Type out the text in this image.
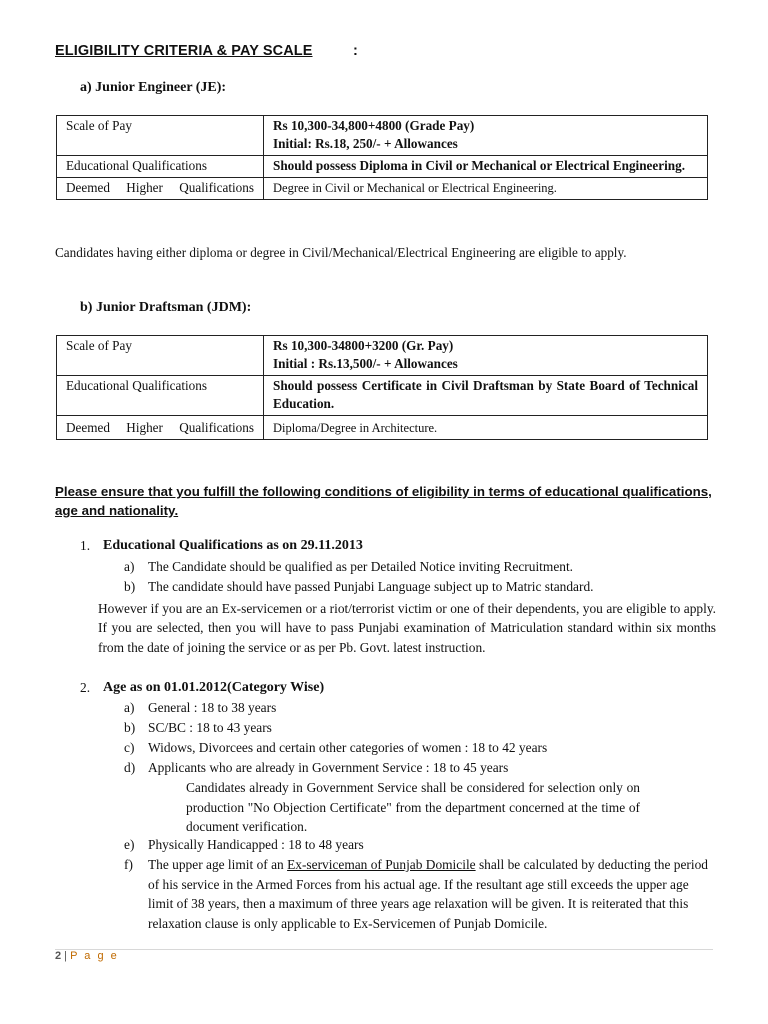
ELIGIBILITY CRITERIA & PAY SCALE	:
a) Junior Engineer (JE):
Scale of Pay	Rs 10,300-34,800+4800 (Grade Pay)
Initial: Rs.18, 250/- + Allowances

Educational Qualifications	Should possess Diploma in Civil or Mechanical or Electrical Engineering.
Deemed Higher Qualifications	Degree in Civil or Mechanical or Electrical Engineering.
Candidates having either diploma or degree in Civil/Mechanical/Electrical Engineering are eligible to apply.
b) Junior Draftsman (JDM):
Scale of Pay	Rs 10,300-34800+3200 (Gr. Pay)
Initial : Rs.13,500/- + Allowances

Educational Qualifications	Should possess Certificate in Civil Draftsman by State Board of Technical Education.
Deemed Higher Qualifications	Diploma/Degree in Architecture.
Please ensure that you fulfill the following conditions of eligibility in terms of educational qualifications, age and nationality.
1. Educational Qualifications as on 29.11.2013
a) The Candidate should be qualified as per Detailed Notice inviting Recruitment.
b) The candidate should have passed Punjabi Language subject up to Matric standard.
However if you are an Ex-servicemen or a riot/terrorist victim or one of their dependents, you are eligible to apply. If you are selected, then you will have to pass Punjabi examination of Matriculation standard within six months from the date of joining the service or as per Pb. Govt. latest instruction.
2. Age as on 01.01.2012(Category Wise)
a) General : 18 to 38 years
b) SC/BC : 18 to 43 years
c) Widows, Divorcees and certain other categories of women : 18 to 42 years
d) Applicants who are already in Government Service : 18 to 45 years
Candidates already in Government Service shall be considered for selection only on production "No Objection Certificate" from the department concerned at the time of document verification.
e) Physically Handicapped : 18 to 48 years
f) The upper age limit of an Ex-serviceman of Punjab Domicile shall be calculated by deducting the period of his service in the Armed Forces from his actual age. If the resultant age still exceeds the upper age limit of 38 years, then a maximum of three years age relaxation will be given. It is reiterated that this relaxation clause is only applicable to Ex-Servicemen of Punjab Domicile.
2 | P a g e
